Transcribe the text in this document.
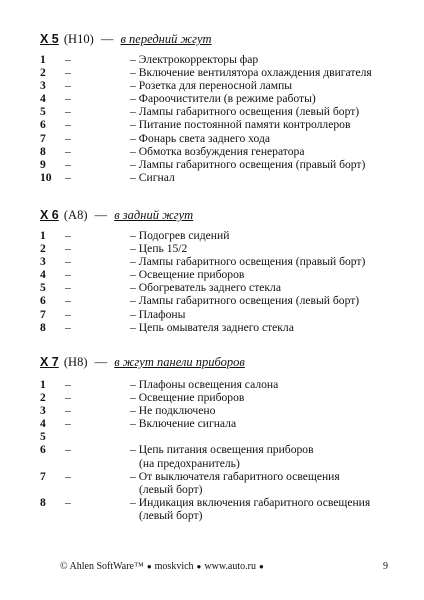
X 5 (H10) — в передний жгут
1 –	– Электрокорректоры фар
2 –	– Включение вентилятора охлаждения двигателя
3 –	– Розетка для переносной лампы
4 –	– Фароочистители (в режиме работы)
5 –	– Лампы габаритного освещения (левый борт)
6 –	– Питание постоянной памяти контроллеров
7 –	– Фонарь света заднего хода
8 –	– Обмотка возбуждения генератора
9 –	– Лампы габаритного освещения (правый борт)
10 –	– Сигнал
X 6 (A8) — в задний жгут
1 –	– Подогрев сидений
2 –	– Цепь 15/2
3 –	– Лампы габаритного освещения (правый борт)
4 –	– Освещение приборов
5 –	– Обогреватель заднего стекла
6 –	– Лампы габаритного освещения (левый борт)
7 –	– Плафоны
8 –	– Цепь омывателя заднего стекла
X 7 (H8) — в жгут панели приборов
1 –	– Плафоны освещения салона
2 –	– Освещение приборов
3 –	– Не подключено
4 –	– Включение сигнала
5
6 –	– Цепь питания освещения приборов
(на предохранитель)
7 –	– От выключателя габаритного освещения
(левый борт)
8 –	– Индикация включения габаритного освещения
(левый борт)
© Ahlen SoftWare™ ● moskvich ● www.auto.ru ●	9
